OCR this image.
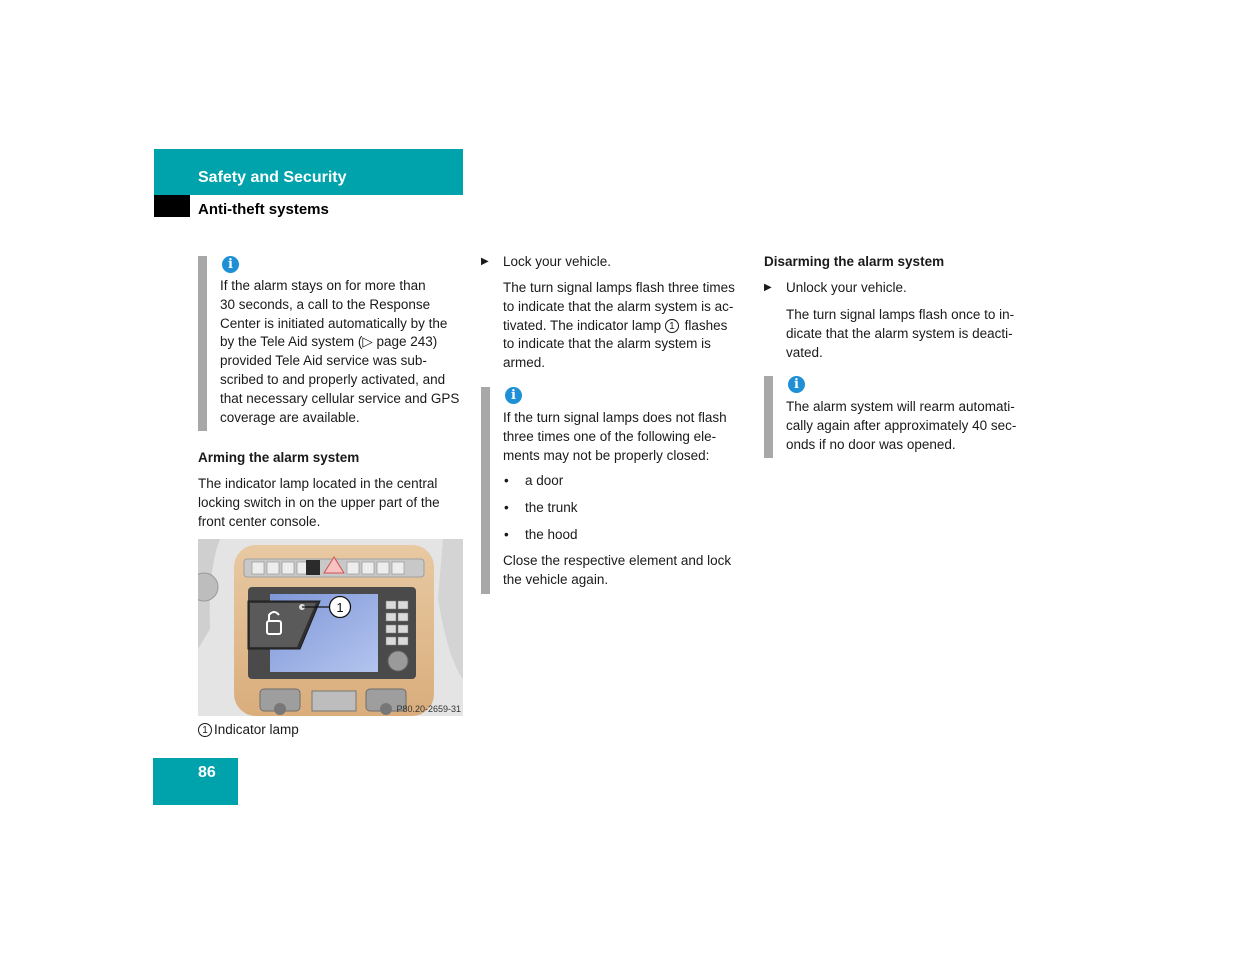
Safety and Security
Anti-theft systems
i
If the alarm stays on for more than
30 seconds, a call to the Response
Center is initiated automatically by the
by the Tele Aid system (▷ page 243)
provided Tele Aid service was sub-
scribed to and properly activated, and
that necessary cellular service and GPS
coverage are available.
Arming the alarm system
The indicator lamp located in the central
locking switch in on the upper part of the
front center console.
1
P80.20-2659-31
1 Indicator lamp
▶ Lock your vehicle.
The turn signal lamps flash three times
to indicate that the alarm system is ac-
tivated. The indicator lamp 1 flashes
to indicate that the alarm system is
armed.
i
If the turn signal lamps does not flash
three times one of the following ele-
ments may not be properly closed:
• a door
• the trunk
• the hood
Close the respective element and lock
the vehicle again.
Disarming the alarm system
▶ Unlock your vehicle.
The turn signal lamps flash once to in-
dicate that the alarm system is deacti-
vated.
i
The alarm system will rearm automati-
cally again after approximately 40 sec-
onds if no door was opened.
86
